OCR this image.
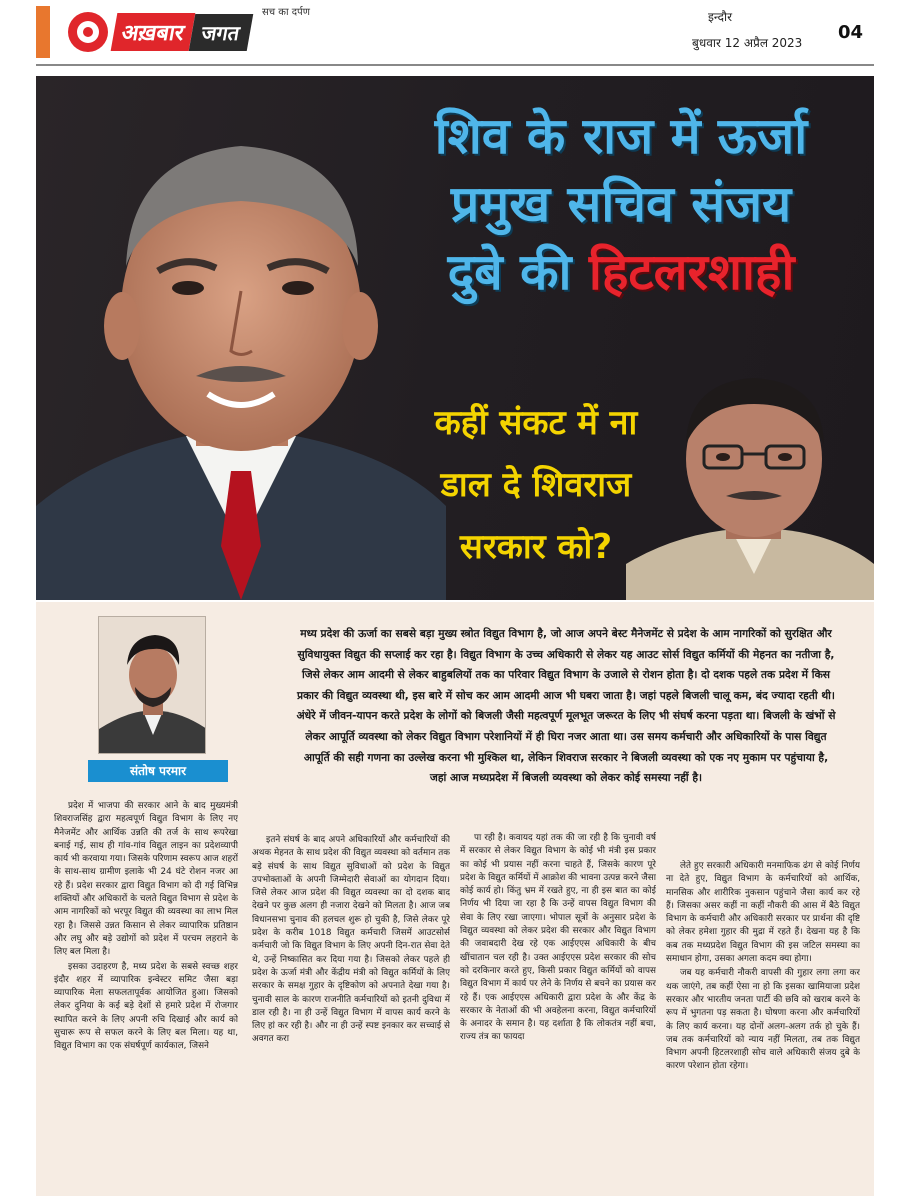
अख़बार जगत
सच का दर्पण	इन्दौर
बुधवार 12 अप्रैल 2023 04
शिव के राज में ऊर्जा
प्रमुख सचिव संजय
दुबे की हिटलरशाही
कहीं संकट में ना
डाल दे शिवराज
सरकार को?
संतोष परमार

मध्य प्रदेश की ऊर्जा का सबसे बड़ा मुख्य स्त्रोत विद्युत विभाग है, जो आज अपने बेस्ट मैनेजमेंट से प्रदेश के आम नागरिकों को सुरक्षित और सुविधायुक्त विद्युत की सप्लाई कर रहा है। विद्युत विभाग के उच्च अधिकारी से लेकर यह आउट सोर्स विद्युत कर्मियों की मेहनत का नतीजा है, जिसे लेकर आम आदमी से लेकर बाहुबलियों तक का परिवार विद्युत विभाग के उजाले से रोशन होता है। दो दशक पहले तक प्रदेश में किस प्रकार की विद्युत व्यवस्था थी, इस बारे में सोच कर आम आदमी आज भी घबरा जाता है। जहां पहले बिजली चालू कम, बंद ज्यादा रहती थी। अंधेरे में जीवन-यापन करते प्रदेश के लोगों को बिजली जैसी महत्वपूर्ण मूलभूत जरूरत के लिए भी संघर्ष करना पड़ता था। बिजली के खंभों से लेकर आपूर्ति व्यवस्था को लेकर विद्युत विभाग परेशानियों में ही घिरा नजर आता था। उस समय कर्मचारी और अधिकारियों के पास विद्युत आपूर्ति की सही गणना का उल्लेख करना भी मुश्किल था, लेकिन शिवराज सरकार ने बिजली व्यवस्था को एक नए मुकाम पर पहुंचाया है, जहां आज मध्यप्रदेश में बिजली व्यवस्था को लेकर कोई समस्या नहीं है।

प्रदेश में भाजपा की सरकार आने के बाद मुख्यमंत्री शिवराजसिंह द्वारा महत्वपूर्ण विद्युत विभाग के लिए नए मैनेजमेंट और आर्थिक उन्नति की तर्ज के साथ रूपरेखा बनाई गई, साथ ही गांव-गांव विद्युत लाइन का प्रदेशव्यापी कार्य भी करवाया गया। जिसके परिणाम स्वरूप आज शहरों के साथ-साथ ग्रामीण इलाके भी 24 घंटे रोशन नजर आ रहे हैं। प्रदेश सरकार द्वारा विद्युत विभाग को दी गई विभिन्न शक्तियों और अधिकारों के चलते विद्युत विभाग से प्रदेश के आम नागरिकों को भरपूर विद्युत की व्यवस्था का लाभ मिल रहा है। जिससे उन्नत किसान से लेकर व्यापारिक प्रतिष्ठान और लघु और बड़े उद्योगों को प्रदेश में परचम लहराने के लिए बल मिला है।

इसका उदाहरण है, मध्य प्रदेश के सबसे स्वच्छ शहर इंदौर शहर में व्यापारिक इन्वेस्टर समिट जैसा बड़ा व्यापारिक मेला सफलतापूर्वक आयोजित हुआ। जिसको लेकर दुनिया के कई बड़े देशों से हमारे प्रदेश में रोजगार स्थापित करने के लिए अपनी रुचि दिखाई और कार्य को सुचारू रूप से सफल करने के लिए बल मिला। यह था, विद्युत विभाग का एक संघर्षपूर्ण कार्यकाल, जिसने

इतने संघर्ष के बाद अपने अधिकारियों और कर्मचारियों की अथक मेहनत के साथ प्रदेश की विद्युत व्यवस्था को वर्तमान तक बड़े संघर्ष के साथ विद्युत सुविधाओं को प्रदेश के विद्युत उपभोक्ताओं के अपनी जिम्मेदारी सेवाओं का योगदान दिया। जिसे लेकर आज प्रदेश की विद्युत व्यवस्था का दो दशक बाद देखने पर कुछ अलग ही नजारा देखने को मिलता है। आज जब विधानसभा चुनाव की हलचल शुरू हो चुकी है, जिसे लेकर पूरे प्रदेश के करीब 1018 विद्युत कर्मचारी जिसमें आउटसोर्स कर्मचारी जो कि विद्युत विभाग के लिए अपनी दिन-रात सेवा देते थे, उन्हें निष्कासित कर दिया गया है। जिसको लेकर पहले ही प्रदेश के ऊर्जा मंत्री और केंद्रीय मंत्री को विद्युत कर्मियों के लिए सरकार के समक्ष गुहार के दृष्टिकोण को अपनाते देखा गया है। चुनावी साल के कारण राजनीति कर्मचारियों को इतनी दुविधा में डाल रही है। ना ही उन्हें विद्युत विभाग में वापस कार्य करने के लिए हां कर रही है। और ना ही उन्हें स्पष्ट इनकार कर सच्चाई से अवगत करा

पा रही है। कवायद यहां तक की जा रही है कि चुनावी वर्ष में सरकार से लेकर विद्युत विभाग के कोई भी मंत्री इस प्रकार का कोई भी प्रयास नहीं करना चाहते हैं, जिसके कारण पूरे प्रदेश के विद्युत कर्मियों में आक्रोश की भावना उत्पन्न करने जैसा कोई कार्य हो। किंतु भ्रम में रखते हुए, ना ही इस बात का कोई निर्णय भी दिया जा रहा है कि उन्हें वापस विद्युत विभाग की सेवा के लिए रखा जाएगा। भोपाल सूत्रों के अनुसार प्रदेश के विद्युत व्यवस्था को लेकर प्रदेश की सरकार और विद्युत विभाग की जवाबदारी देख रहे एक आईएएस अधिकारी के बीच खींचातान चल रही है। उक्त आईएएस प्रदेश सरकार की सोच को दरकिनार करते हुए, किसी प्रकार विद्युत कर्मियों को वापस विद्युत विभाग में कार्य पर लेने के निर्णय से बचने का प्रयास कर रहे हैं। एक आईएएस अधिकारी द्वारा प्रदेश के और केंद्र के सरकार के नेताओं की भी अवहेलना करना, विद्युत कर्मचारियों के अनादर के समान है। यह दर्शाता है कि लोकतंत्र नहीं बचा, राज्य तंत्र का फायदा

लेते हुए सरकारी अधिकारी मनमाफिक ढंग से कोई निर्णय ना देते हुए, विद्युत विभाग के कर्मचारियों को आर्थिक, मानसिक और शारीरिक नुकसान पहुंचाने जैसा कार्य कर रहे हैं। जिसका असर कहीं ना कहीं नौकरी की आस में बैठे विद्युत विभाग के कर्मचारी और अधिकारी सरकार पर प्रार्थना की दृष्टि को लेकर हमेशा गुहार की मुद्रा में रहते हैं। देखना यह है कि कब तक मध्यप्रदेश विद्युत विभाग की इस जटिल समस्या का समाधान होगा, उसका अगला कदम क्या होगा।

जब यह कर्मचारी नौकरी वापसी की गुहार लगा लगा कर थक जाएंगे, तब कहीं ऐसा ना हो कि इसका खामियाजा प्रदेश सरकार और भारतीय जनता पार्टी की छवि को खराब करने के रूप में भुगतना पड़ सकता है। घोषणा करना और कर्मचारियों के लिए कार्य करना। यह दोनों अलग-अलग तर्क हो चुके हैं। जब तक कर्मचारियों को न्याय नहीं मिलता, तब तक विद्युत विभाग अपनी हिटलरशाही सोच वाले अधिकारी संजय दुबे के कारण परेशान होता रहेगा।
